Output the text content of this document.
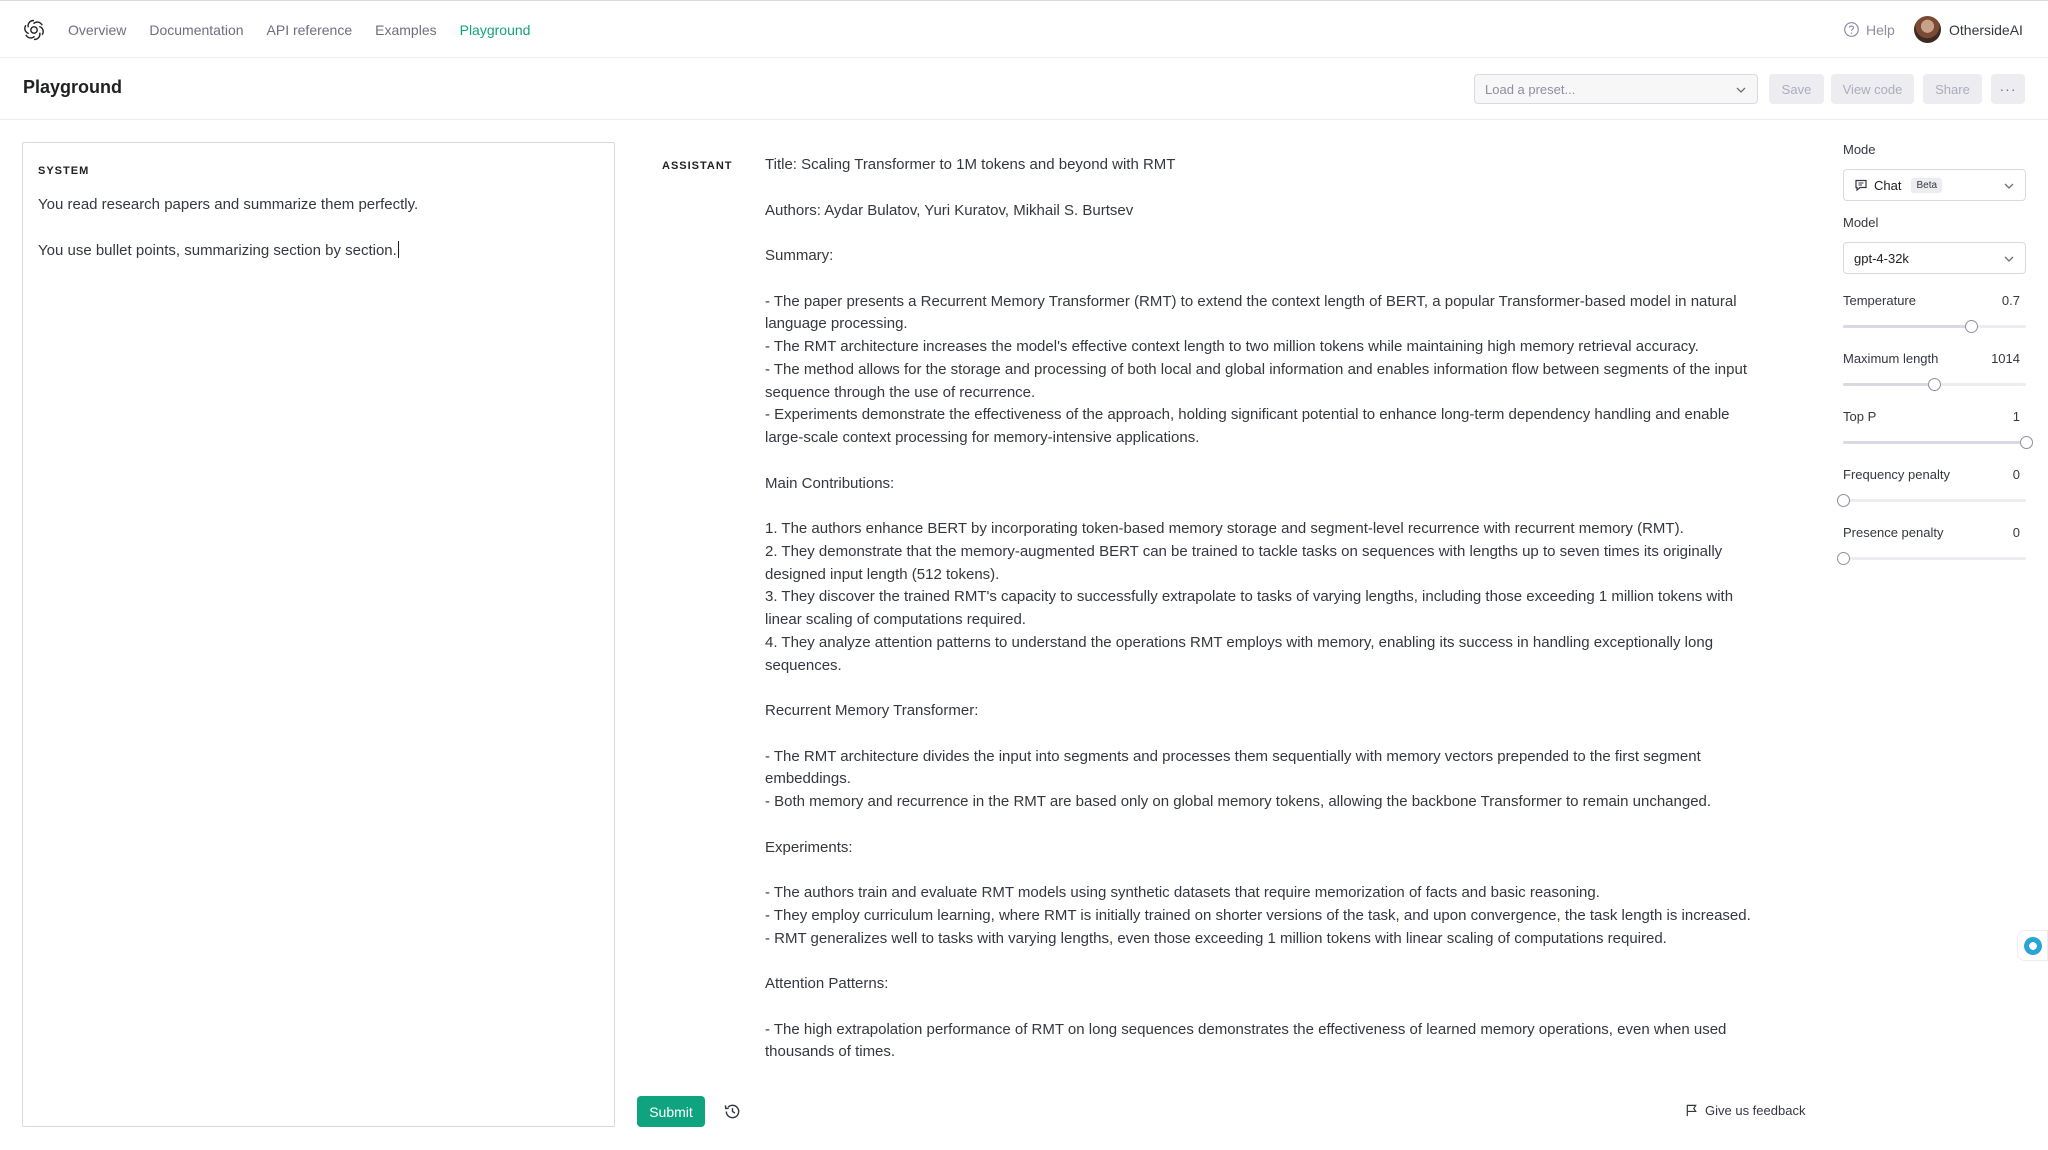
Overview Documentation API reference Examples Playground	Help	OthersideAI
Playground	Load a preset...	Save	View code	Share	···
SYSTEM

You read research papers and summarize them perfectly.

You use bullet points, summarizing section by section.

ASSISTANT Title: Scaling Transformer to 1M tokens and beyond with RMT

Authors: Aydar Bulatov, Yuri Kuratov, Mikhail S. Burtsev

Summary:

- The paper presents a Recurrent Memory Transformer (RMT) to extend the context length of BERT, a popular Transformer-based model in natural language processing.

- The RMT architecture increases the model's effective context length to two million tokens while maintaining high memory retrieval accuracy.

- The method allows for the storage and processing of both local and global information and enables information flow between segments of the input sequence through the use of recurrence.

- Experiments demonstrate the effectiveness of the approach, holding significant potential to enhance long-term dependency handling and enable large-scale context processing for memory-intensive applications.

Main Contributions:

1. The authors enhance BERT by incorporating token-based memory storage and segment-level recurrence with recurrent memory (RMT).

2. They demonstrate that the memory-augmented BERT can be trained to tackle tasks on sequences with lengths up to seven times its originally designed input length (512 tokens).

3. They discover the trained RMT's capacity to successfully extrapolate to tasks of varying lengths, including those exceeding 1 million tokens with linear scaling of computations required.

4. They analyze attention patterns to understand the operations RMT employs with memory, enabling its success in handling exceptionally long sequences.

Recurrent Memory Transformer:

- The RMT architecture divides the input into segments and processes them sequentially with memory vectors prepended to the first segment embeddings.

- Both memory and recurrence in the RMT are based only on global memory tokens, allowing the backbone Transformer to remain unchanged.

Experiments:

- The authors train and evaluate RMT models using synthetic datasets that require memorization of facts and basic reasoning.

- They employ curriculum learning, where RMT is initially trained on shorter versions of the task, and upon convergence, the task length is increased.

- RMT generalizes well to tasks with varying lengths, even those exceeding 1 million tokens with linear scaling of computations required.

Attention Patterns:

- The high extrapolation performance of RMT on long sequences demonstrates the effectiveness of learned memory operations, even when used thousands of times.

Submit	Give us feedback
Mode
Chat	Beta
Model
gpt-4-32k
Temperature	0.7
Maximum length	1014
Top P	1
Frequency penalty	0
Presence penalty	0
